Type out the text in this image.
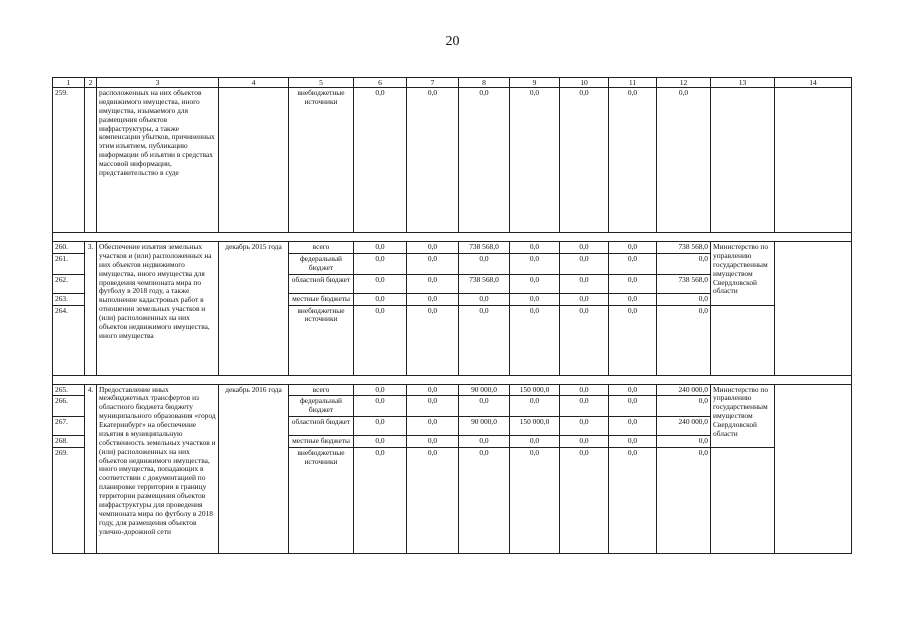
20
1	2	3	4	5	6	7	8	9	10	11	12	13	14
259.		расположенных на них объектов недвижимого имущества, иного имущества, изымаемого для размещения объектов инфраструктуры, а также компенсации убытков, причиненных этим изъятием, публикацию информации об изъятии в средствах массовой информации, представительство в суде		внебюджетные источники	0,0	0,0	0,0	0,0	0,0	0,0	0,0		

260.	3.	Обеспечение изъятия земельных участков и (или) расположенных на них объектов недвижимого имущества, иного имущества для проведения чемпионата мира по футболу в 2018 году, а также выполнение кадастровых работ в отношении земельных участков и (или) расположенных на них объектов недвижимого имущества, иного имущества	декабрь 2015 года	всего	0,0	0,0	738 568,0	0,0	0,0	0,0	738 568,0	Министерство по управлению государственным имуществом Свердловской области	
261.				федеральный бюджет	0,0	0,0	0,0	0,0	0,0	0,0	0,0		
262.				областной бюджет	0,0	0,0	738 568,0	0,0	0,0	0,0	738 568,0		
263.				местные бюджеты	0,0	0,0	0,0	0,0	0,0	0,0	0,0		
264.				внебюджетные источники	0,0	0,0	0,0	0,0	0,0	0,0	0,0		

265.	4.	Предоставление иных межбюджетных трансфертов из областного бюджета бюджету муниципального образования «город Екатеринбург» на обеспечение изъятия в муниципальную собственность земельных участков и (или) расположенных на них объектов недвижимого имущества, иного имущества, попадающих в соответствии с документацией по планировке территории в границу территории размещения объектов инфраструктуры для проведения чемпионата мира по футболу в 2018 году, для размещения объектов улично-дорожной сети	декабрь 2016 года	всего	0,0	0,0	90 000,0	150 000,0	0,0	0,0	240 000,0	Министерство по управлению государственным имуществом Свердловской области	
266.				федеральный бюджет	0,0	0,0	0,0	0,0	0,0	0,0	0,0		
267.				областной бюджет	0,0	0,0	90 000,0	150 000,0	0,0	0,0	240 000,0		
268.				местные бюджеты	0,0	0,0	0,0	0,0	0,0	0,0	0,0		
269.				внебюджетные источники	0,0	0,0	0,0	0,0	0,0	0,0	0,0		
